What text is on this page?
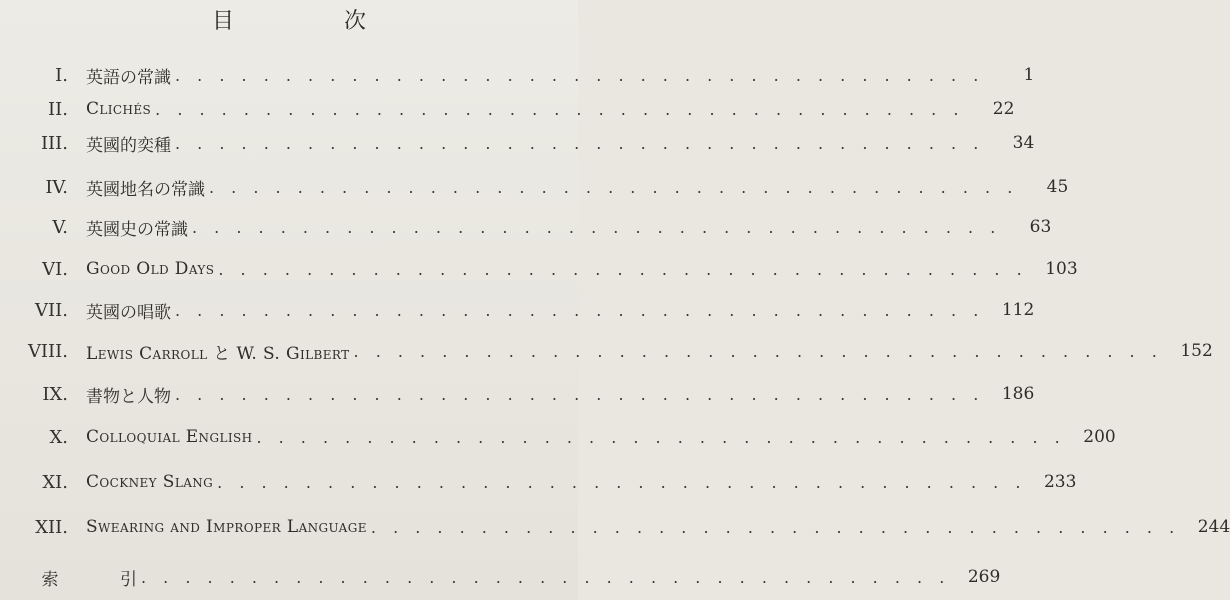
目　次
I. 英語の常識 . . . . . . . . . . . . . . . . . . . . . . . . . . . . . . . . . . . . .	1
II. Clichés . . . . . . . . . . . . . . . . . . . . . . . . . . . . . . . . . . . . .	22
III. 英國的奕種 . . . . . . . . . . . . . . . . . . . . . . . . . . . . . . . . . . . . .	34
IV. 英國地名の常識 . . . . . . . . . . . . . . . . . . . . . . . . . . . . . . . . . . . . .	45
V. 英國史の常識 . . . . . . . . . . . . . . . . . . . . . . . . . . . . . . . . . . . . .	63
VI. Good Old Days . . . . . . . . . . . . . . . . . . . . . . . . . . . . . . . . . . . . .	103
VII. 英國の唱歌 . . . . . . . . . . . . . . . . . . . . . . . . . . . . . . . . . . . . .	112
VIII. Lewis Carroll と W. S. Gilbert . . . . . . . . . . . . . . . . . . . . . . . . . . . . . . . . . . . . .	152
IX. 書物と人物 . . . . . . . . . . . . . . . . . . . . . . . . . . . . . . . . . . . . .	186
X. Colloquial English . . . . . . . . . . . . . . . . . . . . . . . . . . . . . . . . . . . . .	200
XI. Cockney Slang . . . . . . . . . . . . . . . . . . . . . . . . . . . . . . . . . . . . .	233
XII. Swearing and Improper Language . . . . . . . . . . . . . . . . . . . . . . . . . . . . . . . . . . . . .	244
索	引 . . . . . . . . . . . . . . . . . . . . . . . . . . . . . . . . . . . . .	269
